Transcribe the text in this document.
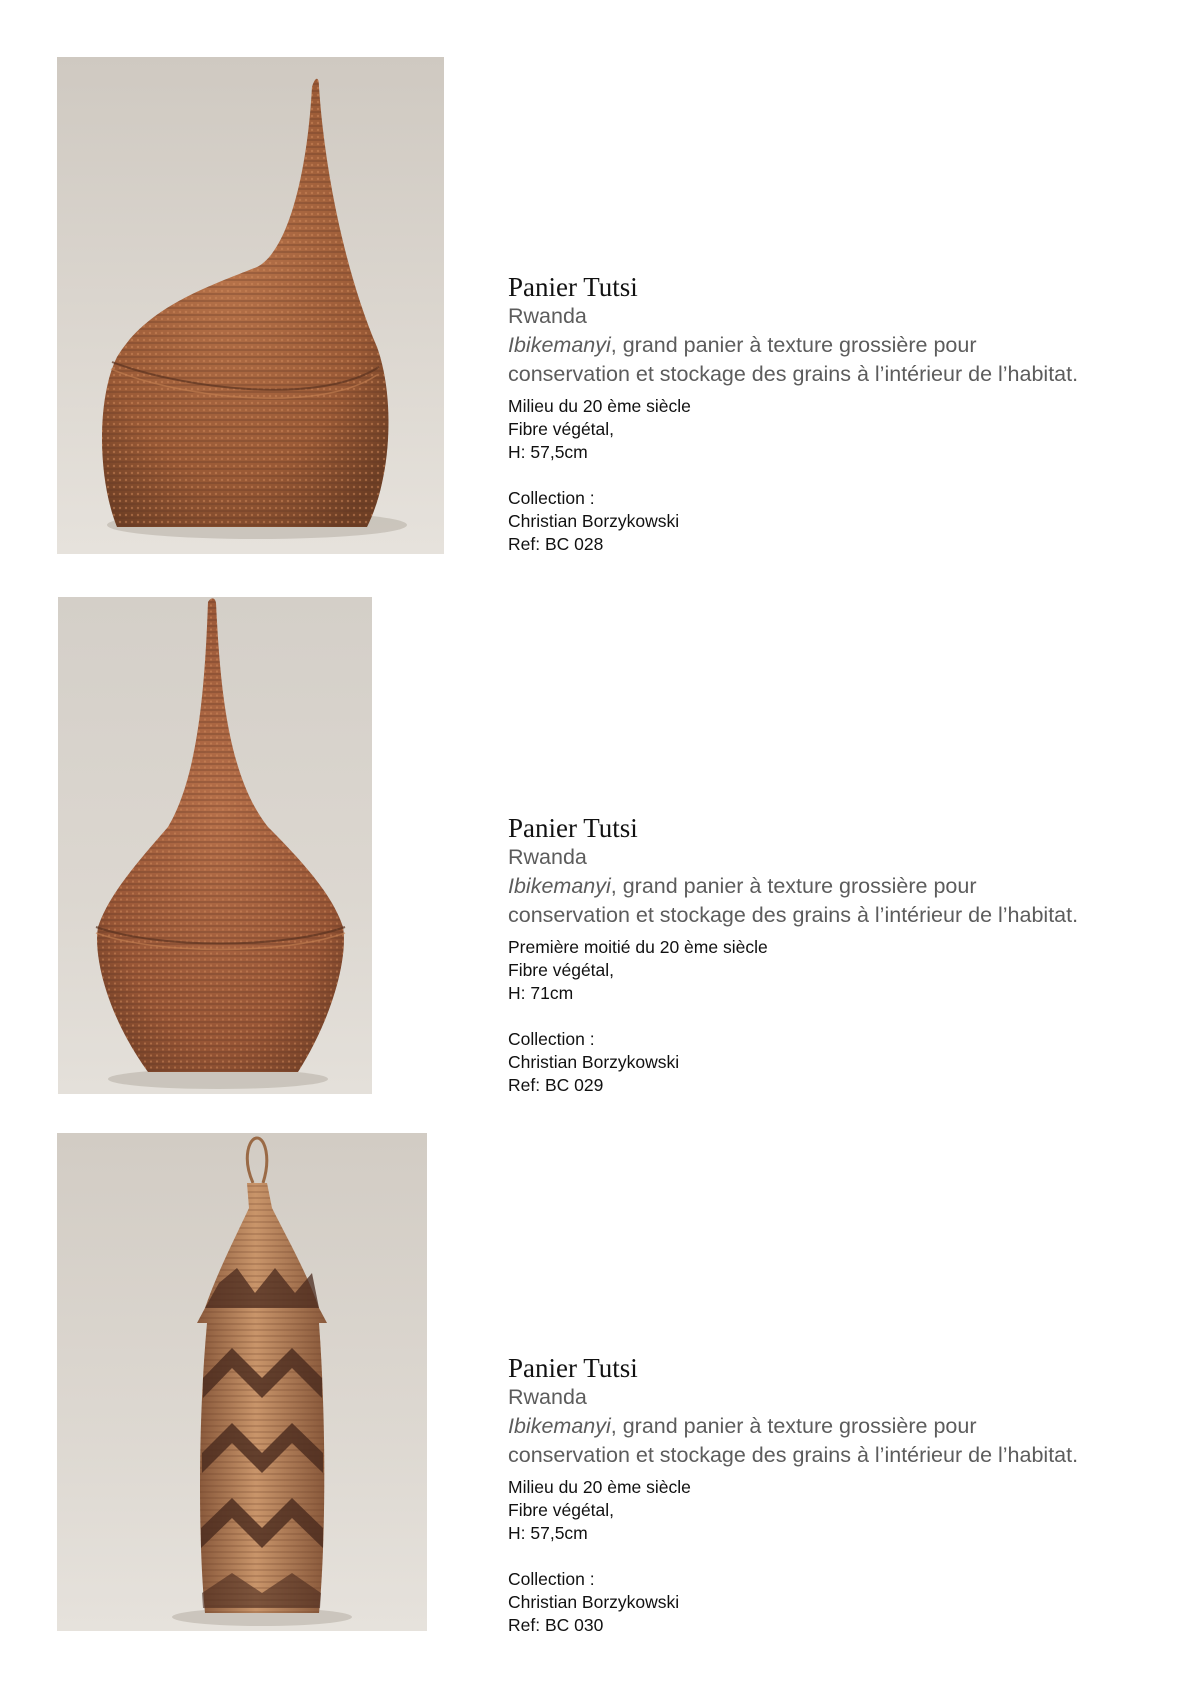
Panier Tutsi

Rwanda

Ibikemanyi, grand panier à texture grossière pour

conservation et stockage des grains à l’intérieur de l’habitat.

Milieu du 20 ème siècle
Fibre végétal,
H: 57,5cm
Collection :
Christian Borzykowski
Ref: BC 028
Panier Tutsi

Rwanda

Ibikemanyi, grand panier à texture grossière pour

conservation et stockage des grains à l’intérieur de l’habitat.

Première moitié du 20 ème siècle
Fibre végétal,
H: 71cm
Collection :
Christian Borzykowski
Ref: BC 029
Panier Tutsi

Rwanda

Ibikemanyi, grand panier à texture grossière pour

conservation et stockage des grains à l’intérieur de l’habitat.

Milieu du 20 ème siècle
Fibre végétal,
H: 57,5cm
Collection :
Christian Borzykowski
Ref: BC 030
